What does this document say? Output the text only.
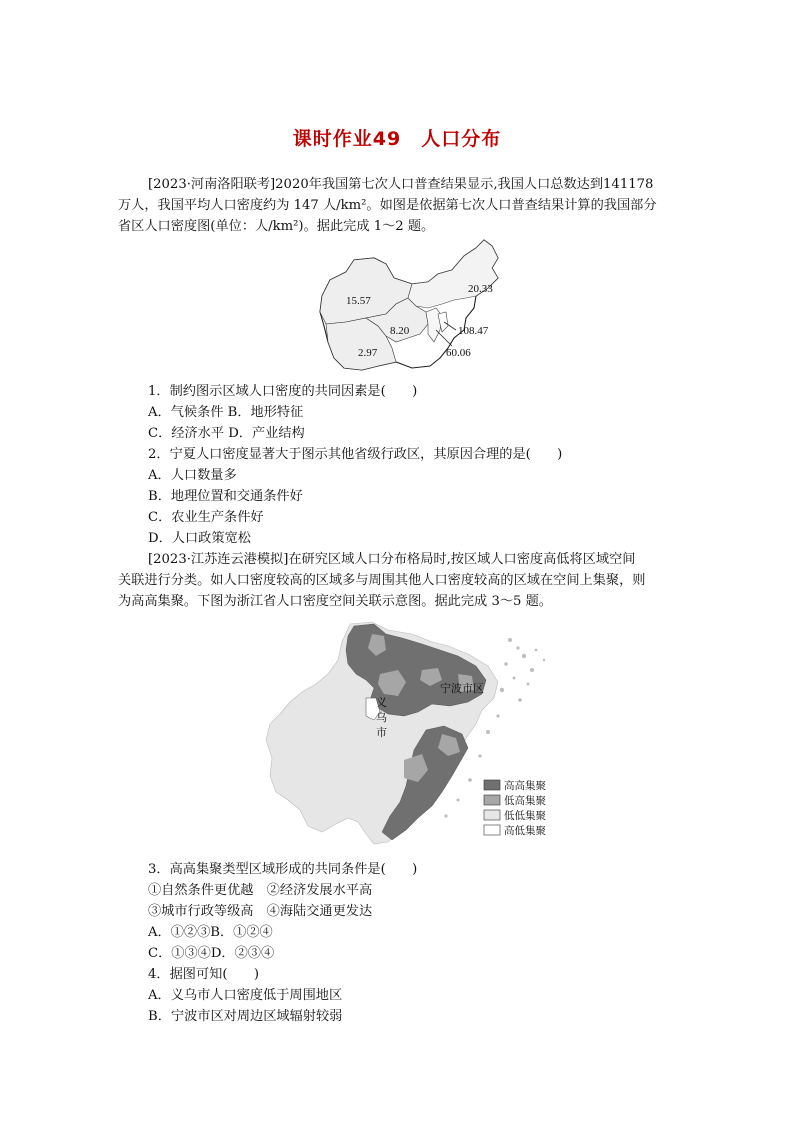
课时作业49　人口分布
[2023·河南洛阳联考]2020年我国第七次人口普查结果显示,我国人口总数达到141178
万人，我国平均人口密度约为 147 人/km²。如图是依据第七次人口普查结果计算的我国部分
省区人口密度图(单位：人/km²)。据此完成 1～2 题。
15.57
20.33
8.20	108.47
2.97	60.06
1．制约图示区域人口密度的共同因素是(　　)
A．气候条件 B．地形特征
C．经济水平 D．产业结构
2．宁夏人口密度显著大于图示其他省级行政区，其原因合理的是(　　)
A．人口数量多
B．地理位置和交通条件好
C．农业生产条件好
D．人口政策宽松
[2023·江苏连云港模拟]在研究区域人口分布格局时,按区域人口密度高低将区域空间
关联进行分类。如人口密度较高的区域多与周围其他人口密度较高的区域在空间上集聚，则
为高高集聚。下图为浙江省人口密度空间关联示意图。据此完成 3～5 题。
宁波市区
义
乌
市
高高集聚
低高集聚
低低集聚
高低集聚
3．高高集聚类型区域形成的共同条件是(　　)
①自然条件更优越　②经济发展水平高
③城市行政等级高　④海陆交通更发达
A．①②③B．①②④
C．①③④D．②③④
4．据图可知(　　)
A．义乌市人口密度低于周围地区
B．宁波市区对周边区域辐射较弱
